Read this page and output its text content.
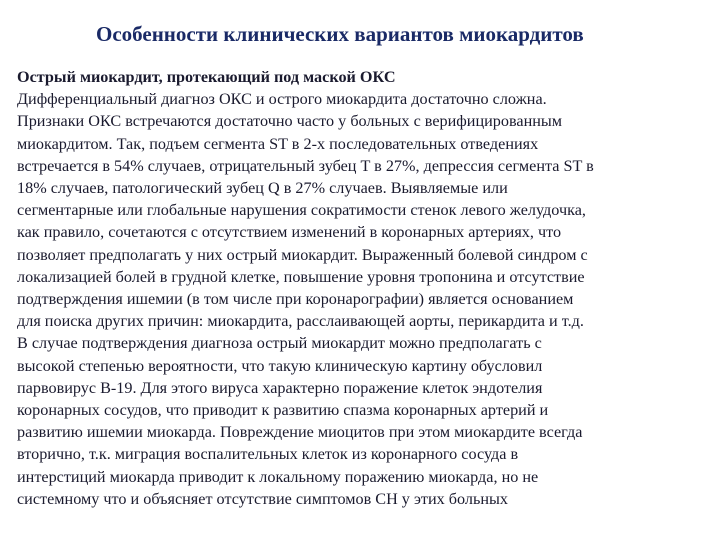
Особенности клинических вариантов миокардитов
Острый миокардит, протекающий под маской ОКС
Дифференциальный диагноз ОКС и острого миокардита достаточно сложна.
Признаки ОКС встречаются достаточно часто у больных с верифицированным
миокардитом. Так, подъем сегмента ST в 2-х последовательных отведениях
встречается в 54% случаев, отрицательный зубец T в 27%, депрессия сегмента ST в
18% случаев, патологический зубец Q в 27% случаев. Выявляемые или
сегментарные или глобальные нарушения сократимости стенок левого желудочка,
как правило, сочетаются с отсутствием изменений в коронарных артериях, что
позволяет предполагать у них острый миокардит. Выраженный болевой синдром с
локализацией болей в грудной клетке, повышение уровня тропонина и отсутствие
подтверждения ишемии (в том числе при коронарографии) является основанием
для поиска других причин: миокардита, расслаивающей аорты, перикардита и т.д.
В случае подтверждения диагноза острый миокардит можно предполагать с
высокой степенью вероятности, что такую клиническую картину обусловил
парвовирус B-19. Для этого вируса характерно поражение клеток эндотелия
коронарных сосудов, что приводит к развитию спазма коронарных артерий и
развитию ишемии миокарда. Повреждение миоцитов при этом миокардите всегда
вторично, т.к. миграция воспалительных клеток из коронарного сосуда в
интерстиций миокарда приводит к локальному поражению миокарда, но не
системному что и объясняет отсутствие симптомов СН у этих больных
